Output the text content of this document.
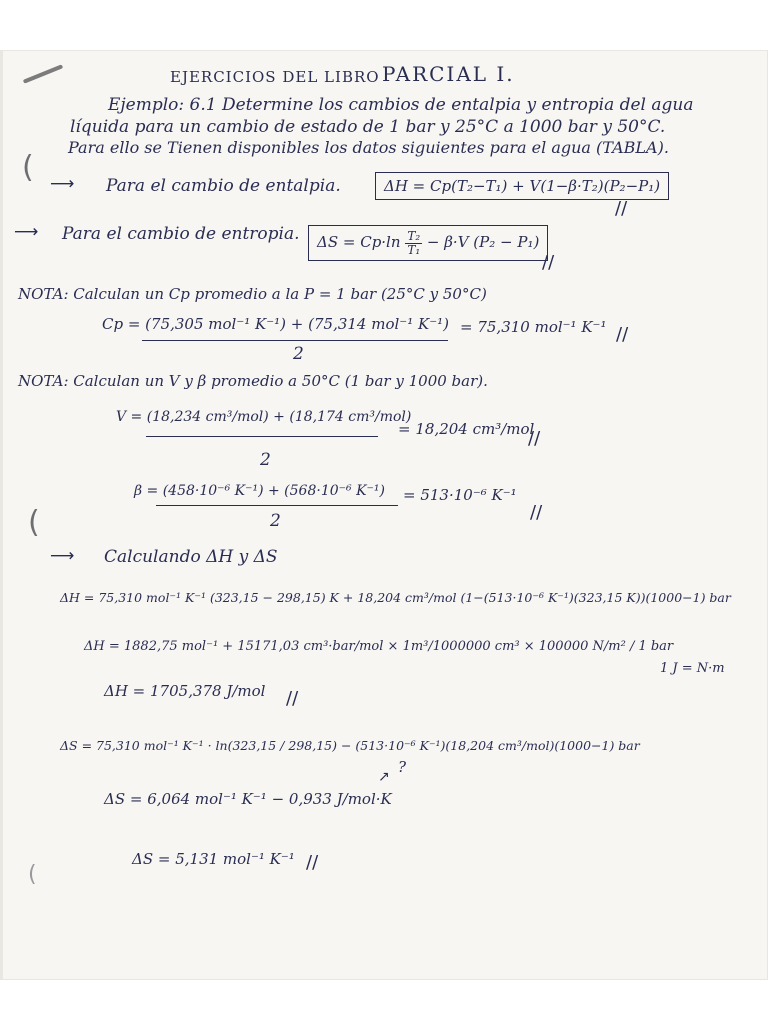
(
(
(
EJERCICIOS DEL LIBRO PARCIAL I.
Ejemplo: 6.1 Determine los cambios de entalpia y entropia del agua
líquida para un cambio de estado de 1 bar y 25°C a 1000 bar y 50°C.
Para ello se Tienen disponibles los datos siguientes para el agua (TABLA).
⟶ Para el cambio de entalpia.	ΔH = Cp(T₂−T₁) + V(1−β·T₂)(P₂−P₁)
//
⟶ Para el cambio de entropia.	$\Delta S = Cp\cdot\ln \frac{\text{T₂}}{\text{T₁}} - \beta\cdot V$ (P₂ − P₁)
//
NOTA: Calculan un Cp promedio a la P = 1 bar (25°C y 50°C)
Cp = (75,305 mol⁻¹ K⁻¹) + (75,314 mol⁻¹ K⁻¹)
2
= 75,310 mol⁻¹ K⁻¹ //
NOTA: Calculan un V y β promedio a 50°C (1 bar y 1000 bar).
V = (18,234 cm³/mol) + (18,174 cm³/mol)
2
= 18,204 cm³/mol
//
β = (458·10⁻⁶ K⁻¹) + (568·10⁻⁶ K⁻¹)
2
= 513·10⁻⁶ K⁻¹
//
⟶ Calculando ΔH y ΔS
ΔH = 75,310 mol⁻¹ K⁻¹ (323,15 − 298,15) K + 18,204 cm³/mol (1−(513·10⁻⁶ K⁻¹)(323,15 K))(1000−1) bar
ΔH = 1882,75 mol⁻¹ + 15171,03 cm³·bar/mol × 1m³/1000000 cm³ × 100000 N/m² / 1 bar
1 J = N·m
ΔH = 1705,378 J/mol //
ΔS = 75,310 mol⁻¹ K⁻¹ · ln(323,15 / 298,15) − (513·10⁻⁶ K⁻¹)(18,204 cm³/mol)(1000−1) bar
ΔS = 6,064 mol⁻¹ K⁻¹ − 0,933 J/mol·K
↗
?
ΔS = 5,131 mol⁻¹ K⁻¹ //
